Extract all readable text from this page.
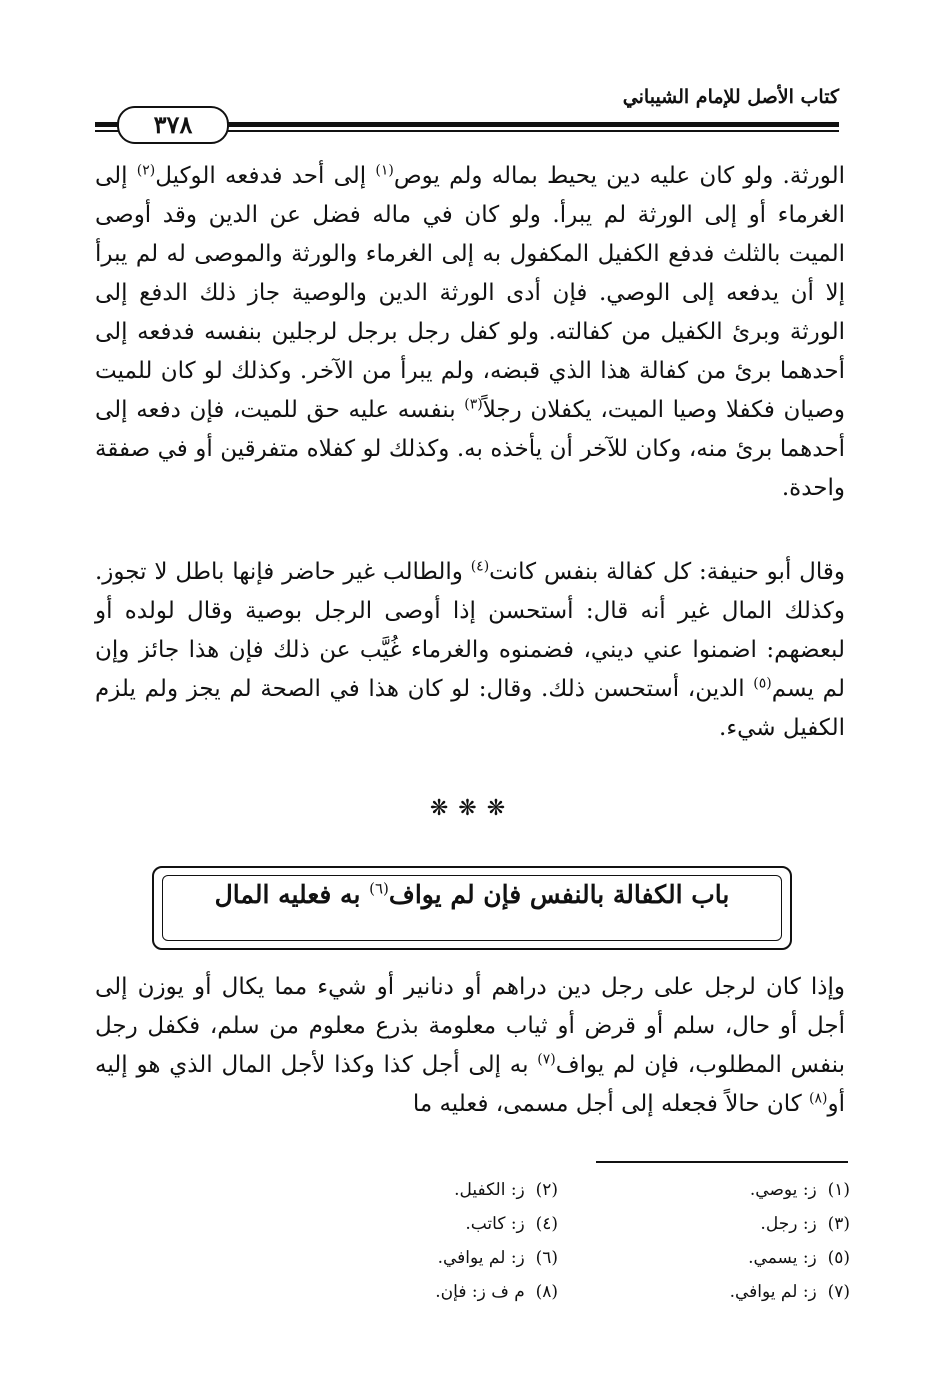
كتاب الأصل للإمام الشيباني
٣٧٨
الورثة. ولو كان عليه دين يحيط بماله ولم يوص$^{(١)}$ إلى أحد فدفعه الوكيل$^{(٢)}$ إلى الغرماء أو إلى الورثة لم يبرأ. ولو كان في ماله فضل عن الدين وقد أوصى الميت بالثلث فدفع الكفيل المكفول به إلى الغرماء والورثة والموصى له لم يبرأ إلا أن يدفعه إلى الوصي. فإن أدى الورثة الدين والوصية جاز ذلك الدفع إلى الورثة وبرئ الكفيل من كفالته. ولو كفل رجل برجل لرجلين بنفسه فدفعه إلى أحدهما برئ من كفالة هذا الذي قبضه، ولم يبرأ من الآخر. وكذلك لو كان للميت وصيان فكفلا وصيا الميت، يكفلان رجلاً$^{(٣)}$ بنفسه عليه حق للميت، فإن دفعه إلى أحدهما برئ منه، وكان للآخر أن يأخذه به. وكذلك لو كفلاه متفرقين أو في صفقة واحدة.
وقال أبو حنيفة: كل كفالة بنفس كانت$^{(٤)}$ والطالب غير حاضر فإنها باطل لا تجوز. وكذلك المال غير أنه قال: أستحسن إذا أوصى الرجل بوصية وقال لولده أو لبعضهم: اضمنوا عني ديني، فضمنوه والغرماء غُيَّب عن ذلك فإن هذا جائز وإن لم يسم$^{(٥)}$ الدين، أستحسن ذلك. وقال: لو كان هذا في الصحة لم يجز ولم يلزم الكفيل شيء.
❋❋❋
باب الكفالة بالنفس فإن لم يواف$^{(٦)}$ به فعليه المال
وإذا كان لرجل على رجل دين دراهم أو دنانير أو شيء مما يكال أو يوزن إلى أجل أو حال، سلم أو قرض أو ثياب معلومة بذرع معلوم من سلم، فكفل رجل بنفس المطلوب، فإن لم يواف$^{(٧)}$ به إلى أجل كذا وكذا لأجل المال الذي هو إليه أو$^{(٨)}$ كان حالاً فجعله إلى أجل مسمى، فعليه ما
(١)  ز: يوصي.
(٢)  ز: الكفيل.
(٣)  ز: رجل.
(٤)  ز: كاتب.
(٥)  ز: يسمي.
(٦)  ز: لم يوافي.
(٧)  ز: لم يوافي.
(٨)  م ف ز: فإن.
